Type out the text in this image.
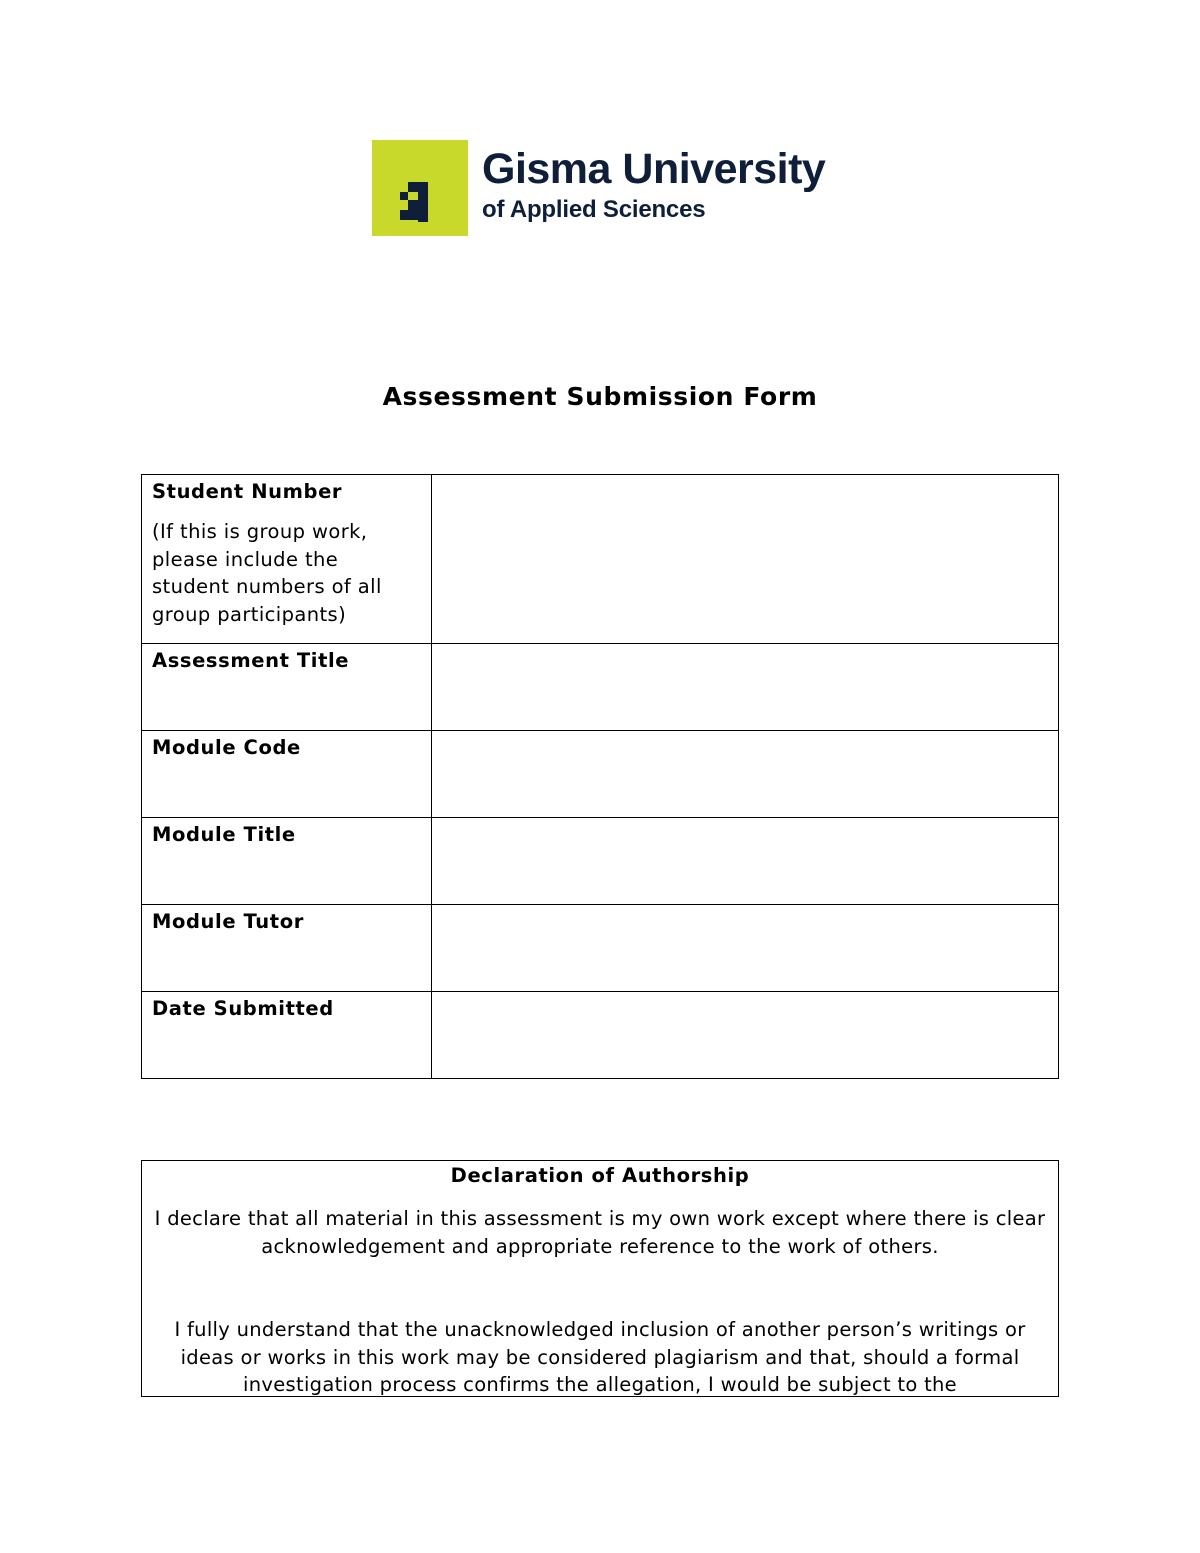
Gisma University
of Applied Sciences
Assessment Submission Form
Student Number
(If this is group work, please include the student numbers of all group participants)	

Assessment Title	

Module Code	

Module Title	

Module Tutor	

Date Submitted	

Declaration of Authorship
I declare that all material in this assessment is my own work except where there is clear acknowledgement and appropriate reference to the work of others.
I fully understand that the unacknowledged inclusion of another person’s writings or ideas or works in this work may be considered plagiarism and that, should a formal investigation process confirms the allegation, I would be subject to the
